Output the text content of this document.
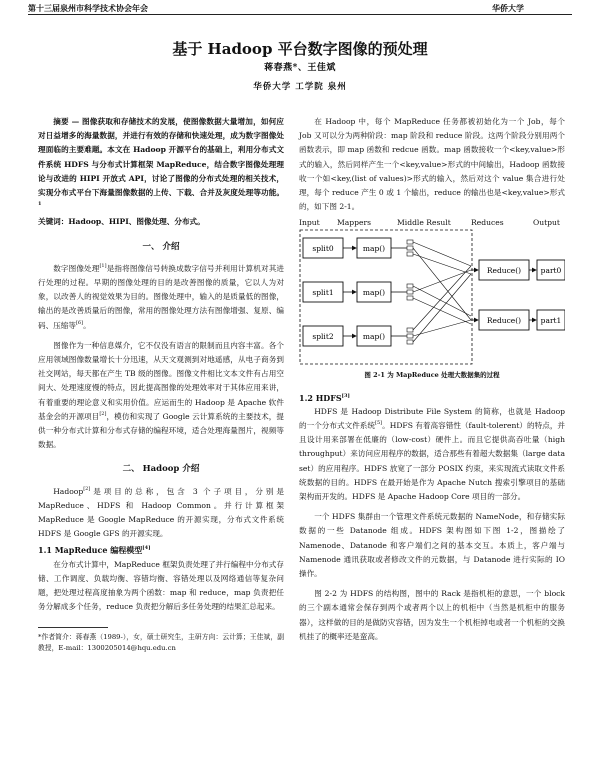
第十三届泉州市科学技术协会年会	华侨大学
基于 Hadoop 平台数字图像的预处理
蒋春燕*、王佳斌
华侨大学 工学院 泉州

摘要 — 图像获取和存储技术的发展，使图像数据大量增加，如何应对日益增多的海量数据，并进行有效的存储和快速处理，成为数字图像处理面临的主要难题。本文在 Hadoop 开源平台的基础上，利用分布式文件系统 HDFS 与分布式计算框架 MapReduce，结合数字图像处理理论与改进的 HIPI 开放式 API，讨论了图像的分布式处理的相关技术，实现分布式平台下海量图像数据的上传、下载、合并及灰度处理等功能。$^1$

关键词：Hadoop、HIPI、图像处理、分布式。

一、 介绍

数字图像处理[1]是指将图像信号转换成数字信号并利用计算机对其进行处理的过程。早期的图像处理的目的是改善图像的质量，它以人为对象，以改善人的视觉效果为目的。图像处理中，输入的是质量低的图像，输出的是改善质量后的图像，常用的图像处理方法有图像增强、复原、编码、压缩等[6]。

图像作为一种信息媒介，它不仅没有语言的限制而且内容丰富。各个应用领域图像数量增长十分迅速，从天文观测到对地遥感，从电子商务到社交网站，每天都在产生 TB 级的图像。图像文件相比文本文件有占用空间大、处理速度慢的特点，因此提高图像的处理效率对于其体应用来讲，有着重要的理论意义和实用价值。应运而生的 Hadoop 是 Apache 软件基金会的开源项目[2]，模仿和实现了 Google 云计算系统的主要技术，提供一种分布式计算和分布式存储的编程环境，适合处理海量图片，视频等数据。

二、 Hadoop 介绍

Hadoop[2]是项目的总称，包含 3 个子项目，分别是 MapReduce、HDFS 和 Hadoop Common。并行计算框架 MapReduce 是 Google MapReduce 的开源实现，分布式文件系统 HDFS 是 Google GFS 的开源实现。

1.1 MapReduce 编程模型[4]

在分布式计算中，MapReduce 框架负责处理了并行编程中分布式存储、工作调度、负载均衡、容错均衡、容错处理以及网络通信等复杂问题，把处理过程高度抽象为两个函数：map 和 reduce，map 负责把任务分解成多个任务，reduce 负责把分解后多任务处理的结果汇总起来。

*作者简介：蒋春燕（1989-），女，硕士研究生，主研方向：云计算；王佳斌，副教授，E-mail：1300205014@hqu.edu.cn

在 Hadoop 中，每个 MapReduce 任务都被初始化为一个 Job，每个 Job 又可以分为两种阶段：map 阶段和 reduce 阶段。这两个阶段分别用两个函数表示，即 map 函数和 redcue 函数。map 函数接收一个<key,value>形式的输入，然后同样产生一个<key,value>形式的中间输出，Hadoop 函数接收一个如<key,(list of values)>形式的输入，然后对这个 value 集合进行处理，每个 reduce 产生 0 或 1 个输出，reduce 的输出也是<key,value>形式的，如下图 2-1。

Input Mappers	Middle Result	Reduces	Output
split0
split1
split2
map()
map()
map()
Reduce()
Reduce()
part0
part1
图 2-1 为 MapReduce 处理大数据集的过程

1.2 HDFS[3]

HDFS 是 Hadoop Distribute File System 的简称，也就是 Hadoop 的一个分布式文件系统[5]。HDFS 有着高容错性（fault-tolerent）的特点，并且设计用来部署在低廉的（low-cost）硬件上。而且它提供高吞吐量（high throughput）来访问应用程序的数据，适合那些有着超大数据集（large data set）的应用程序。HDFS 放宽了一部分 POSIX 约束，来实现流式读取文件系统数据的目的。HDFS 在最开始是作为 Apache Nutch 搜索引擎项目的基础架构而开发的。HDFS 是 Apache Hadoop Core 项目的一部分。

一个 HDFS 集群由一个管理文件系统元数据的 NameNode，和存储实际数据的一些 Datanode 组成。HDFS 架构图如下图 1-2，图描绘了 Namenode、Datanode 和客户端们之间的基本交互。本质上，客户端与 Namenode 通讯获取或者修改文件的元数据，与 Datanode 进行实际的 IO 操作。

图 2-2 为 HDFS 的结构图，图中的 Rack 是指机柜的意思，一个 block 的三个副本通常会保存到两个或者两个以上的机柜中（当然是机柜中的服务器），这样做的目的是做防灾容错，因为发生一个机柜掉电或者一个机柜的交换机挂了的概率还是蛮高。
